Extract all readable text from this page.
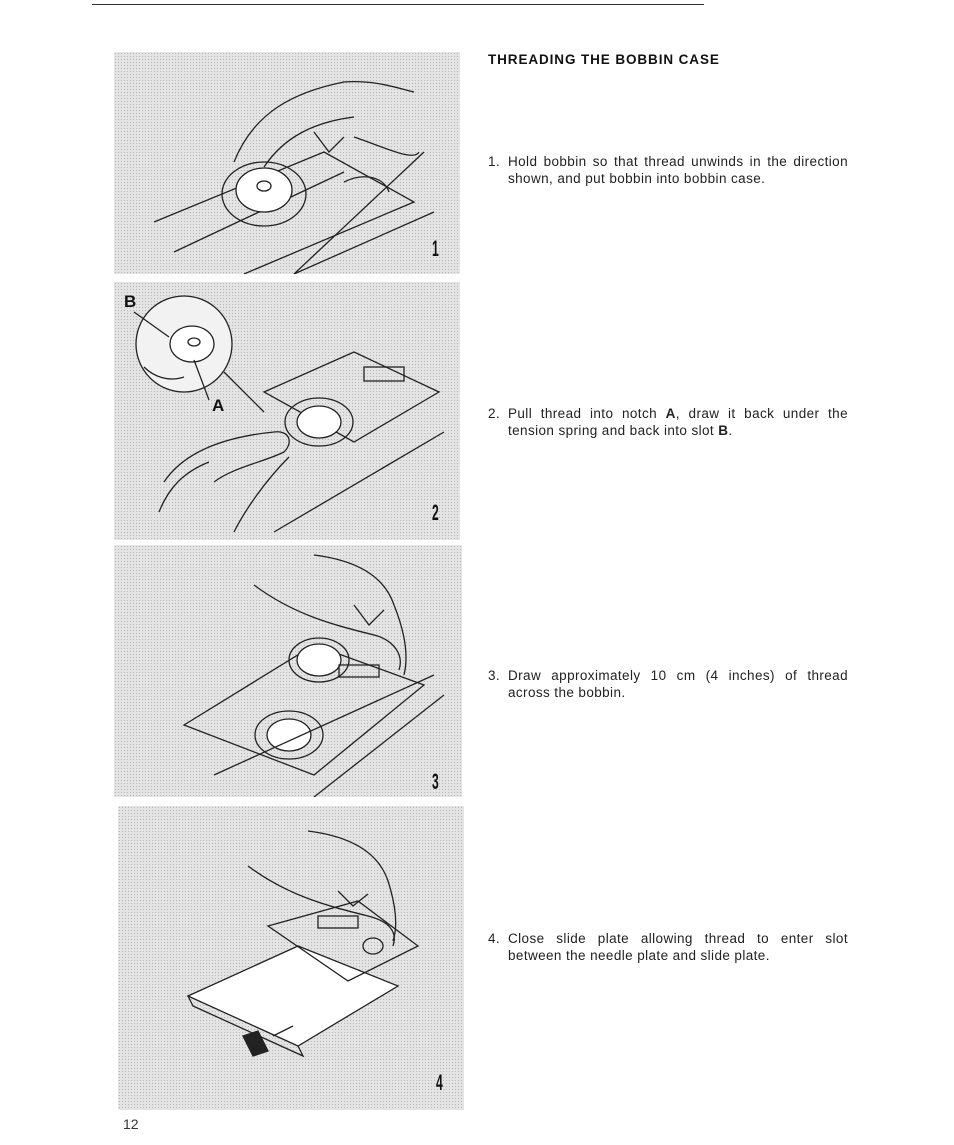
1
B
A
2
3
4
THREADING THE BOBBIN CASE
1. Hold bobbin so that thread unwinds in the direction shown, and put bobbin into bobbin case.
2. Pull thread into notch A, draw it back under the tension spring and back into slot B.
3. Draw approximately 10 cm (4 inches) of thread across the bobbin.
4. Close slide plate allowing thread to enter slot between the needle plate and slide plate.
12
